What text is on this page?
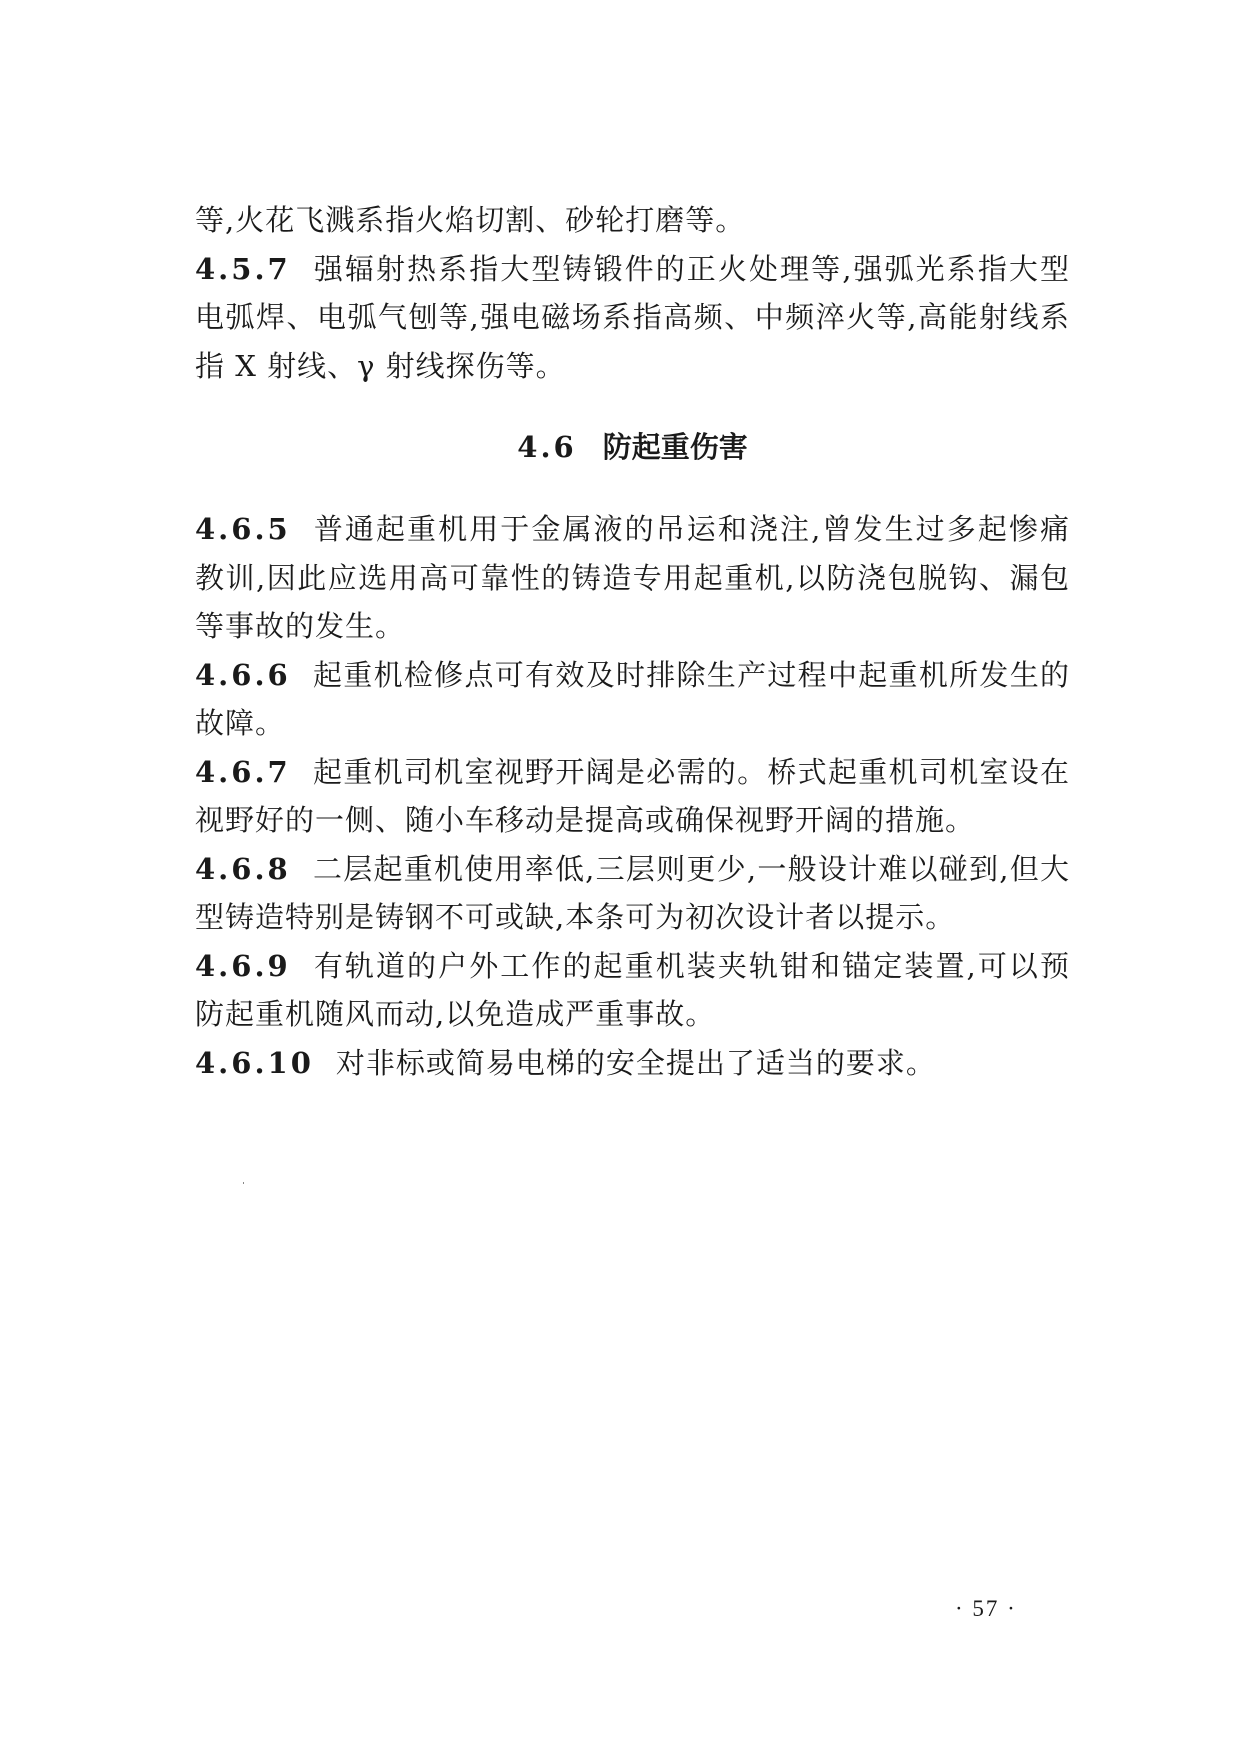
等,火花飞溅系指火焰切割、砂轮打磨等。

4.5.7 强辐射热系指大型铸锻件的正火处理等,强弧光系指大型电弧焊、电弧气刨等,强电磁场系指高频、中频淬火等,高能射线系指 X 射线、γ 射线探伤等。

4.6 防起重伤害

4.6.5 普通起重机用于金属液的吊运和浇注,曾发生过多起惨痛教训,因此应选用高可靠性的铸造专用起重机,以防浇包脱钩、漏包等事故的发生。

4.6.6 起重机检修点可有效及时排除生产过程中起重机所发生的故障。

4.6.7 起重机司机室视野开阔是必需的。桥式起重机司机室设在视野好的一侧、随小车移动是提高或确保视野开阔的措施。

4.6.8 二层起重机使用率低,三层则更少,一般设计难以碰到,但大型铸造特别是铸钢不可或缺,本条可为初次设计者以提示。

4.6.9 有轨道的户外工作的起重机装夹轨钳和锚定装置,可以预防起重机随风而动,以免造成严重事故。

4.6.10 对非标或简易电梯的安全提出了适当的要求。

· 57 ·
